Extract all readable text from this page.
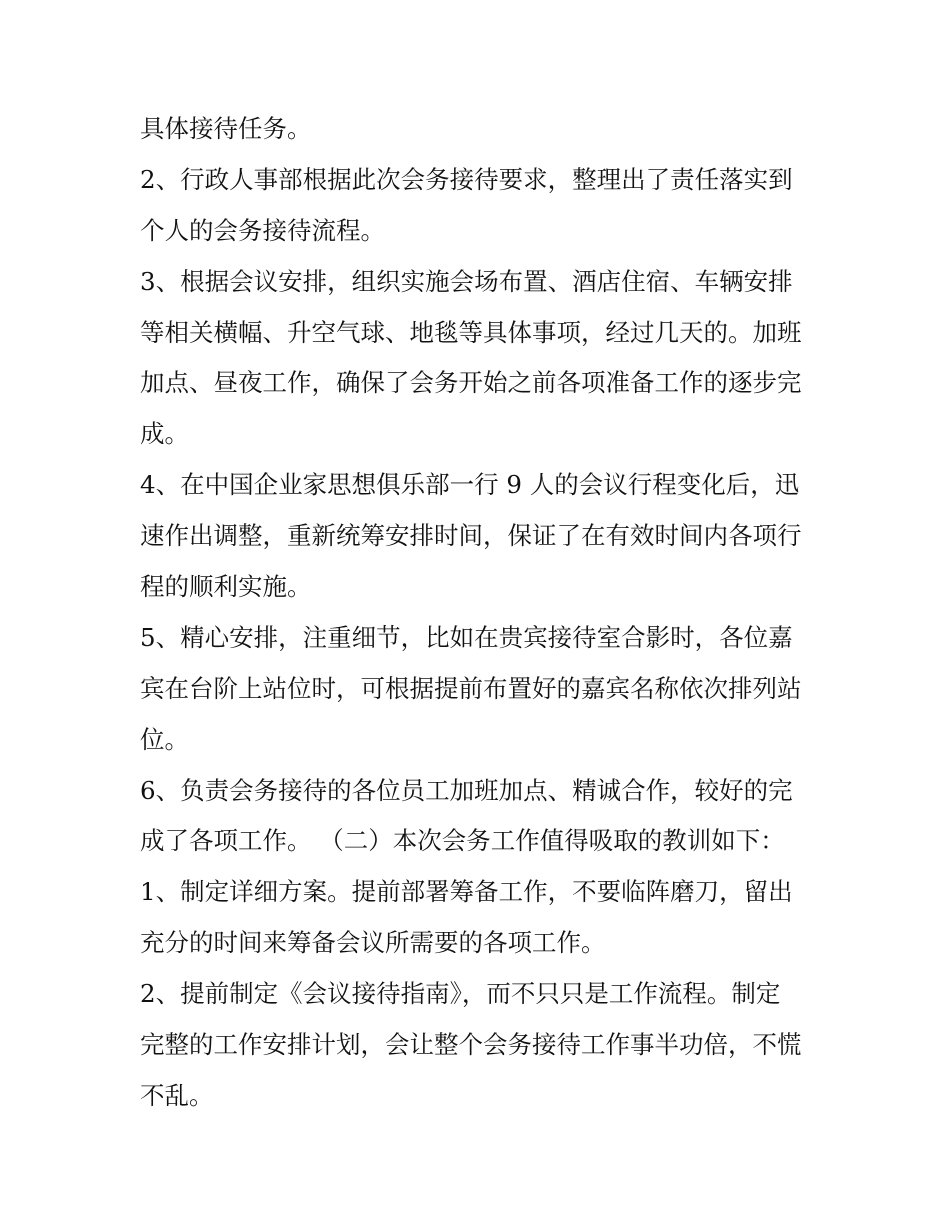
具体接待任务。
2、行政人事部根据此次会务接待要求，整理出了责任落实到
个人的会务接待流程。
3、根据会议安排，组织实施会场布置、酒店住宿、车辆安排
等相关横幅、升空气球、地毯等具体事项，经过几天的。加班
加点、昼夜工作，确保了会务开始之前各项准备工作的逐步完
成。
4、在中国企业家思想俱乐部一行 9 人的会议行程变化后，迅
速作出调整，重新统筹安排时间，保证了在有效时间内各项行
程的顺利实施。
5、精心安排，注重细节，比如在贵宾接待室合影时，各位嘉
宾在台阶上站位时，可根据提前布置好的嘉宾名称依次排列站
位。
6、负责会务接待的各位员工加班加点、精诚合作，较好的完
成了各项工作。 （二）本次会务工作值得吸取的教训如下：
1、制定详细方案。提前部署筹备工作，不要临阵磨刀，留出
充分的时间来筹备会议所需要的各项工作。
2、提前制定《会议接待指南》，而不只只是工作流程。制定
完整的工作安排计划，会让整个会务接待工作事半功倍，不慌
不乱。
